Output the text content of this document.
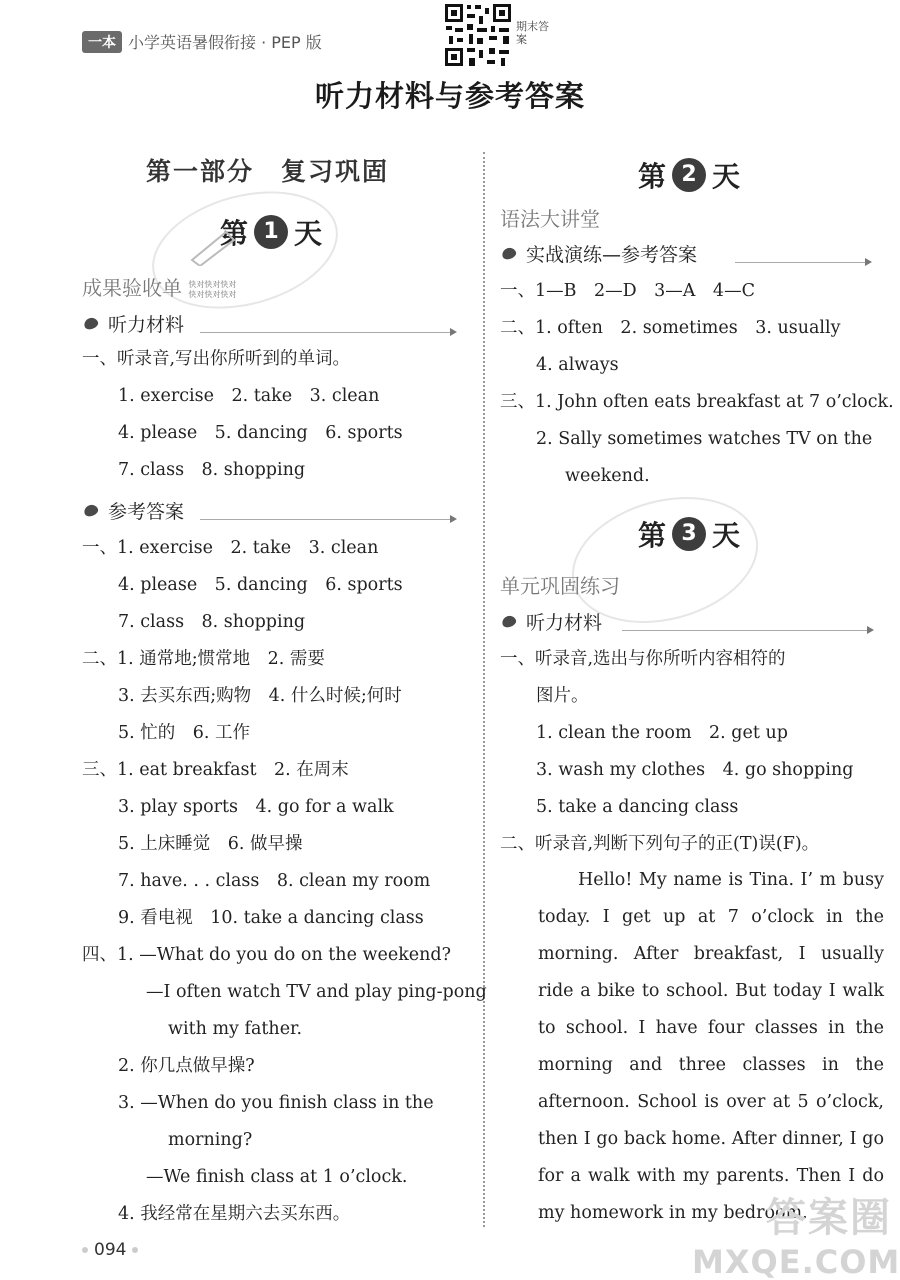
一本 小学英语暑假衔接 · PEP 版
期末答案
听力材料与参考答案
第一部分　复习巩固
第 1 天
成果验收单 快对快对快对
快对快对快对
听力材料
一、听录音,写出你所听到的单词。
1. exercise　2. take　3. clean
4. please　5. dancing　6. sports
7. class　8. shopping
参考答案
一、1. exercise　2. take　3. clean
4. please　5. dancing　6. sports
7. class　8. shopping
二、1. 通常地;惯常地　2. 需要
3. 去买东西;购物　4. 什么时候;何时
5. 忙的　6. 工作
三、1. eat breakfast　2. 在周末
3. play sports　4. go for a walk
5. 上床睡觉　6. 做早操
7. have. . . class　8. clean my room
9. 看电视　10. take a dancing class
四、1. —What do you do on the weekend?
—I often watch TV and play ping-pong
with my father.
2. 你几点做早操?
3. —When do you finish class in the
morning?
—We finish class at 1 o’clock.
4. 我经常在星期六去买东西。
第 2 天
语法大讲堂
实战演练—参考答案
一、1—B　2—D　3—A　4—C
二、1. often　2. sometimes　3. usually
4. always
三、1. John often eats breakfast at 7 o’clock.
2. Sally sometimes watches TV on the
weekend.
第 3 天
单元巩固练习
听力材料
一、听录音,选出与你所听内容相符的
图片。
1. clean the room　2. get up
3. wash my clothes　4. go shopping
5. take a dancing class
二、听录音,判断下列句子的正(T)误(F)。
Hello! My name is Tina. I’ m busy today. I get up at 7 o’clock in the morning. After breakfast, I usually ride a bike to school. But today I walk to school. I have four classes in the morning and three classes in the afternoon. School is over at 5 o’clock, then I go back home. After dinner, I go for a walk with my parents. Then I do my homework in my bedroom.
094
答案圈
MXQE.COM
